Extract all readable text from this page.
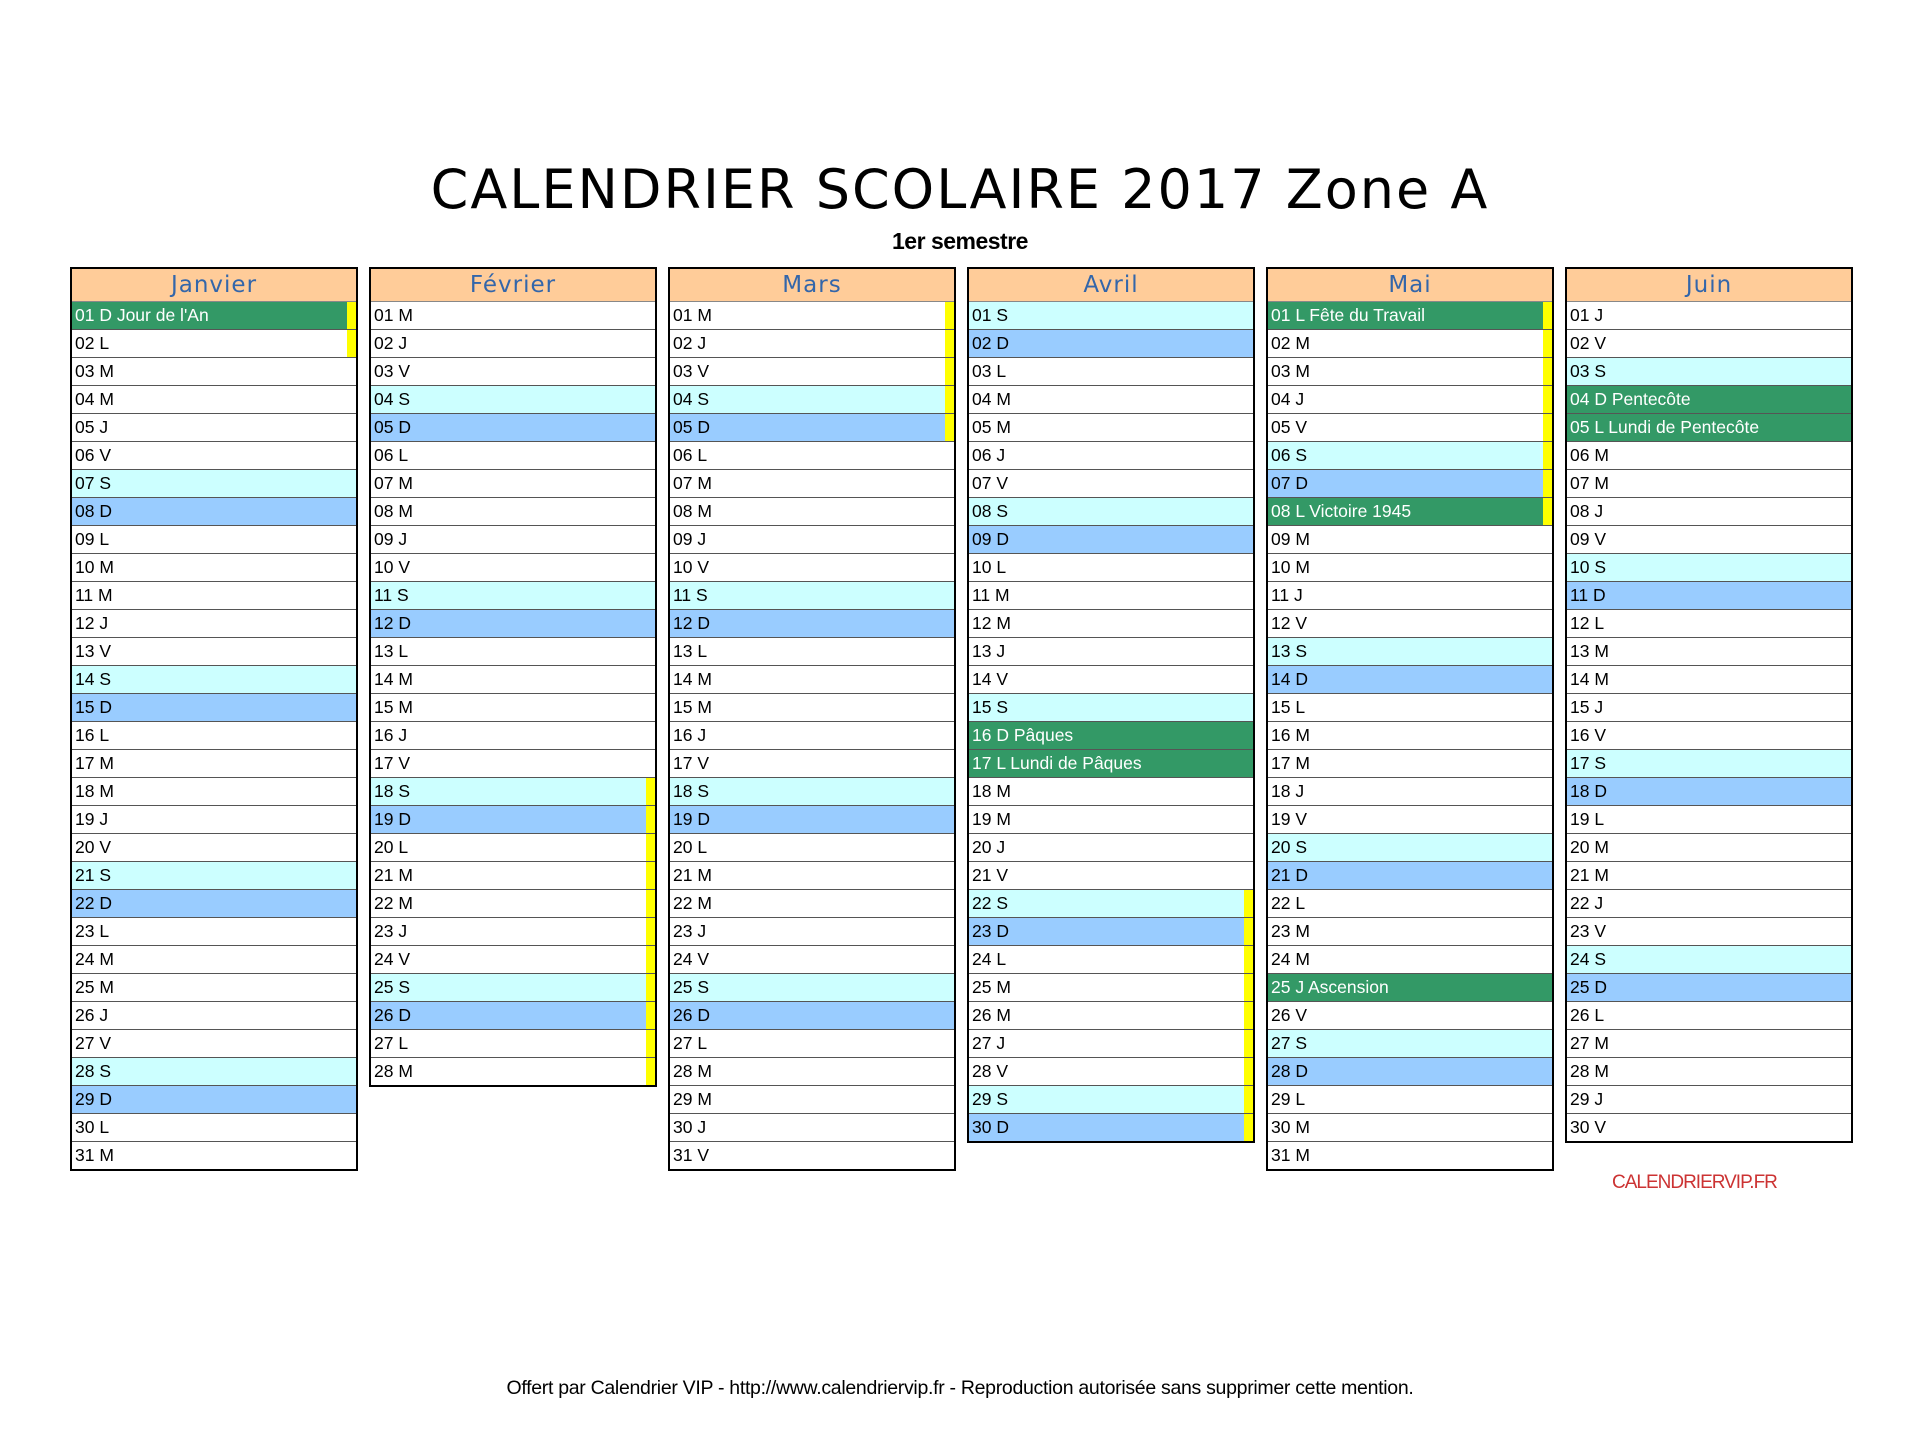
CALENDRIER SCOLAIRE 2017 Zone A
1er semestre
Janvier
01 D Jour de l'An
02 L
03 M
04 M
05 J
06 V
07 S
08 D
09 L
10 M
11 M
12 J
13 V
14 S
15 D
16 L
17 M
18 M
19 J
20 V
21 S
22 D
23 L
24 M
25 M
26 J
27 V
28 S
29 D
30 L
31 M
Février
01 M
02 J
03 V
04 S
05 D
06 L
07 M
08 M
09 J
10 V
11 S
12 D
13 L
14 M
15 M
16 J
17 V
18 S
19 D
20 L
21 M
22 M
23 J
24 V
25 S
26 D
27 L
28 M
Mars
01 M
02 J
03 V
04 S
05 D
06 L
07 M
08 M
09 J
10 V
11 S
12 D
13 L
14 M
15 M
16 J
17 V
18 S
19 D
20 L
21 M
22 M
23 J
24 V
25 S
26 D
27 L
28 M
29 M
30 J
31 V
Avril
01 S
02 D
03 L
04 M
05 M
06 J
07 V
08 S
09 D
10 L
11 M
12 M
13 J
14 V
15 S
16 D Pâques
17 L Lundi de Pâques
18 M
19 M
20 J
21 V
22 S
23 D
24 L
25 M
26 M
27 J
28 V
29 S
30 D
Mai
01 L Fête du Travail
02 M
03 M
04 J
05 V
06 S
07 D
08 L Victoire 1945
09 M
10 M
11 J
12 V
13 S
14 D
15 L
16 M
17 M
18 J
19 V
20 S
21 D
22 L
23 M
24 M
25 J Ascension
26 V
27 S
28 D
29 L
30 M
31 M
Juin
01 J
02 V
03 S
04 D Pentecôte
05 L Lundi de Pentecôte
06 M
07 M
08 J
09 V
10 S
11 D
12 L
13 M
14 M
15 J
16 V
17 S
18 D
19 L
20 M
21 M
22 J
23 V
24 S
25 D
26 L
27 M
28 M
29 J
30 V
CALENDRIERVIP.FR
Offert par Calendrier VIP - http://www.calendriervip.fr - Reproduction autorisée sans supprimer cette mention.
